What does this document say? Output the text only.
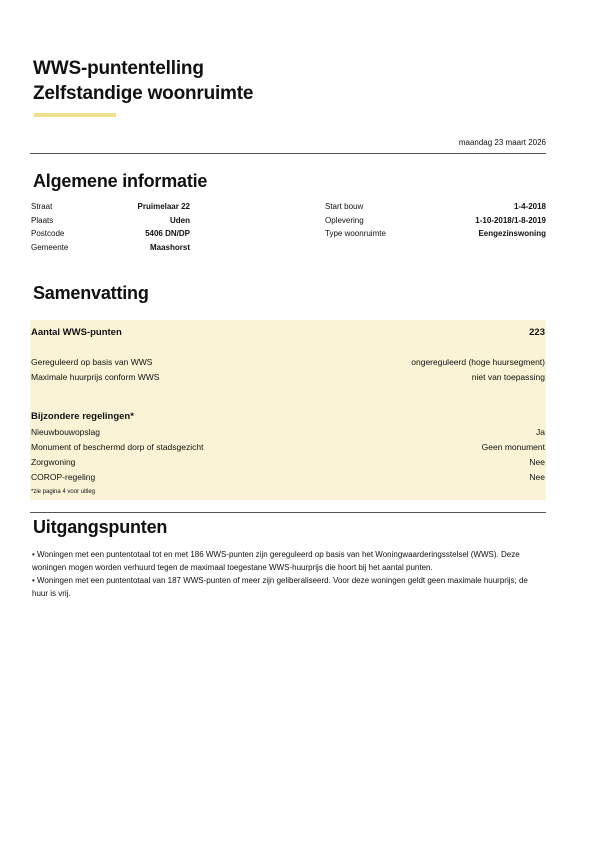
WWS-puntentelling
Zelfstandige woonruimte
maandag 23 maart 2026
Algemene informatie
Straat	Pruimelaar 22
Plaats	Uden
Postcode	5406 DN/DP
Gemeente	Maashorst
Start bouw	1-4-2018
Oplevering	1-10-2018/1-8-2019
Type woonruimte	Eengezinswoning
Samenvatting
Aantal WWS-punten	223
Gereguleerd op basis van WWS	ongereguleerd (hoge huursegment)
Maximale huurprijs conform WWS	niet van toepassing
Bijzondere regelingen*
Nieuwbouwopslag	Ja
Monument of beschermd dorp of stadsgezicht	Geen monument
Zorgwoning	Nee
COROP-regeling	Nee
*zie pagina 4 voor uitleg
Uitgangspunten

• Woningen met een puntentotaal tot en met 186 WWS-punten zijn gereguleerd op basis van het Woningwaarderingsstelsel (WWS). Deze woningen mogen worden verhuurd tegen de maximaal toegestane WWS-huurprijs die hoort bij het aantal punten.

• Woningen met een puntentotaal van 187 WWS-punten of meer zijn geliberaliseerd. Voor deze woningen geldt geen maximale huurprijs; de huur is vrij.
